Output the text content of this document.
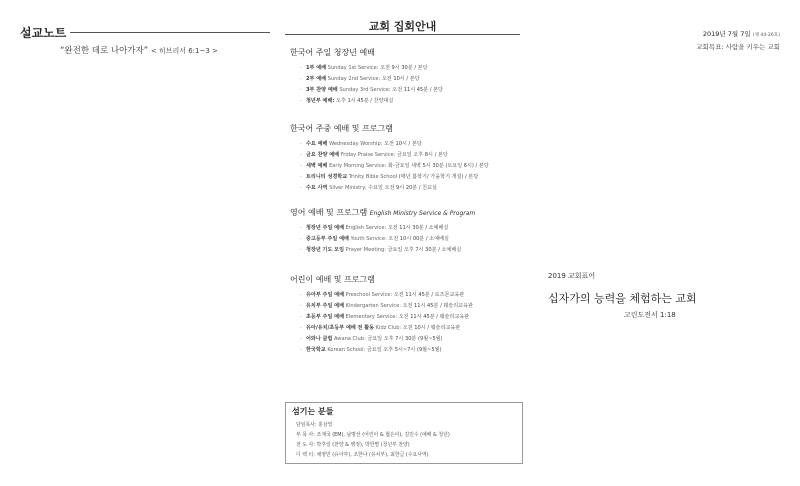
설교노트
“완전한 데로 나아가자” < 히브리서 6:1~3 >
교회 집회안내
한국어 주일 청장년 예배
· 1부 예배 Sunday 1st Service: 오전 9시 30분 / 본당
· 2부 예배 Sunday 2nd Service: 오전 10시 / 본당
· 3부 찬양 예배 Sunday 3rd Service: 오전 11시 45분 / 본당
· 청년부 예배: 오후 1시 45분 / 찬양대실
한국어 주중 예배 및 프로그램
· 수요 예배 Wednesday Worship: 오전 10시 / 본당
· 금요 찬양 예배 Friday Praise Service: 금요일 오후 8시 / 본당
· 새벽 예배 Early Morning Service: 화-금요일 새벽 5시 30분 (토요일 6시) / 본당
· 트리니티 성경학교 Trinity Bible School (매년 봄학기/ 가을학기 개설) / 본당
· 수요 사역 Silver Ministry: 수요일 오전 9시 20분 / 친교실
영어 예배 및 프로그램 English Ministry Service & Program
· 청장년 주일 예배 English Service: 오전 11시 30분 / 소예배실
· 중고등부 주일 예배 Youth Service: 오전 10시 00분 / 소예배실
· 청장년 기도 모임 Prayer Meeting: 금요일 오후 7시 30분 / 소예배실
어린이 예배 및 프로그램
· 유아부 주일 예배 Preschool Service: 오전 11시 45분 / 로즈몬교육관
· 유치부 주일 예배 Kindergarten Service: 오전 11시 45분 / 웨슬리교육관
· 초등부 주일 예배 Elementary Service: 오전 11시 45분 / 웨슬리교육관
· 유아/유치/초등부 예배 전 활동 Kidz Club: 오전 10시 / 웨슬리교육관
· 어와나 클럽 Awana Club: 금요일 오후 7시 30분 (9월~5월)
· 한국학교 Korean School: 금요일 오후 5시~7시 (9월~5월)
섬기는 분들
담임목사: 홍삼열
부 목 사: 조재국 (EM), 남명선 (어린이 & 협은이), 김민수 (예배 & 청년)
전 도 사: 박후일 (찬양 & 행정), 박한별 (청년부 찬양)
디 렉 터: 채영민 (유아부), 조한나 (유치부), 최한글 (수요사역)
2019년 7월 7일 (제 44-26호)
교회목표: 사람을 키우는 교회
2019 교회표어
십자가의 능력을 체험하는 교회
고린도전서 1:18
